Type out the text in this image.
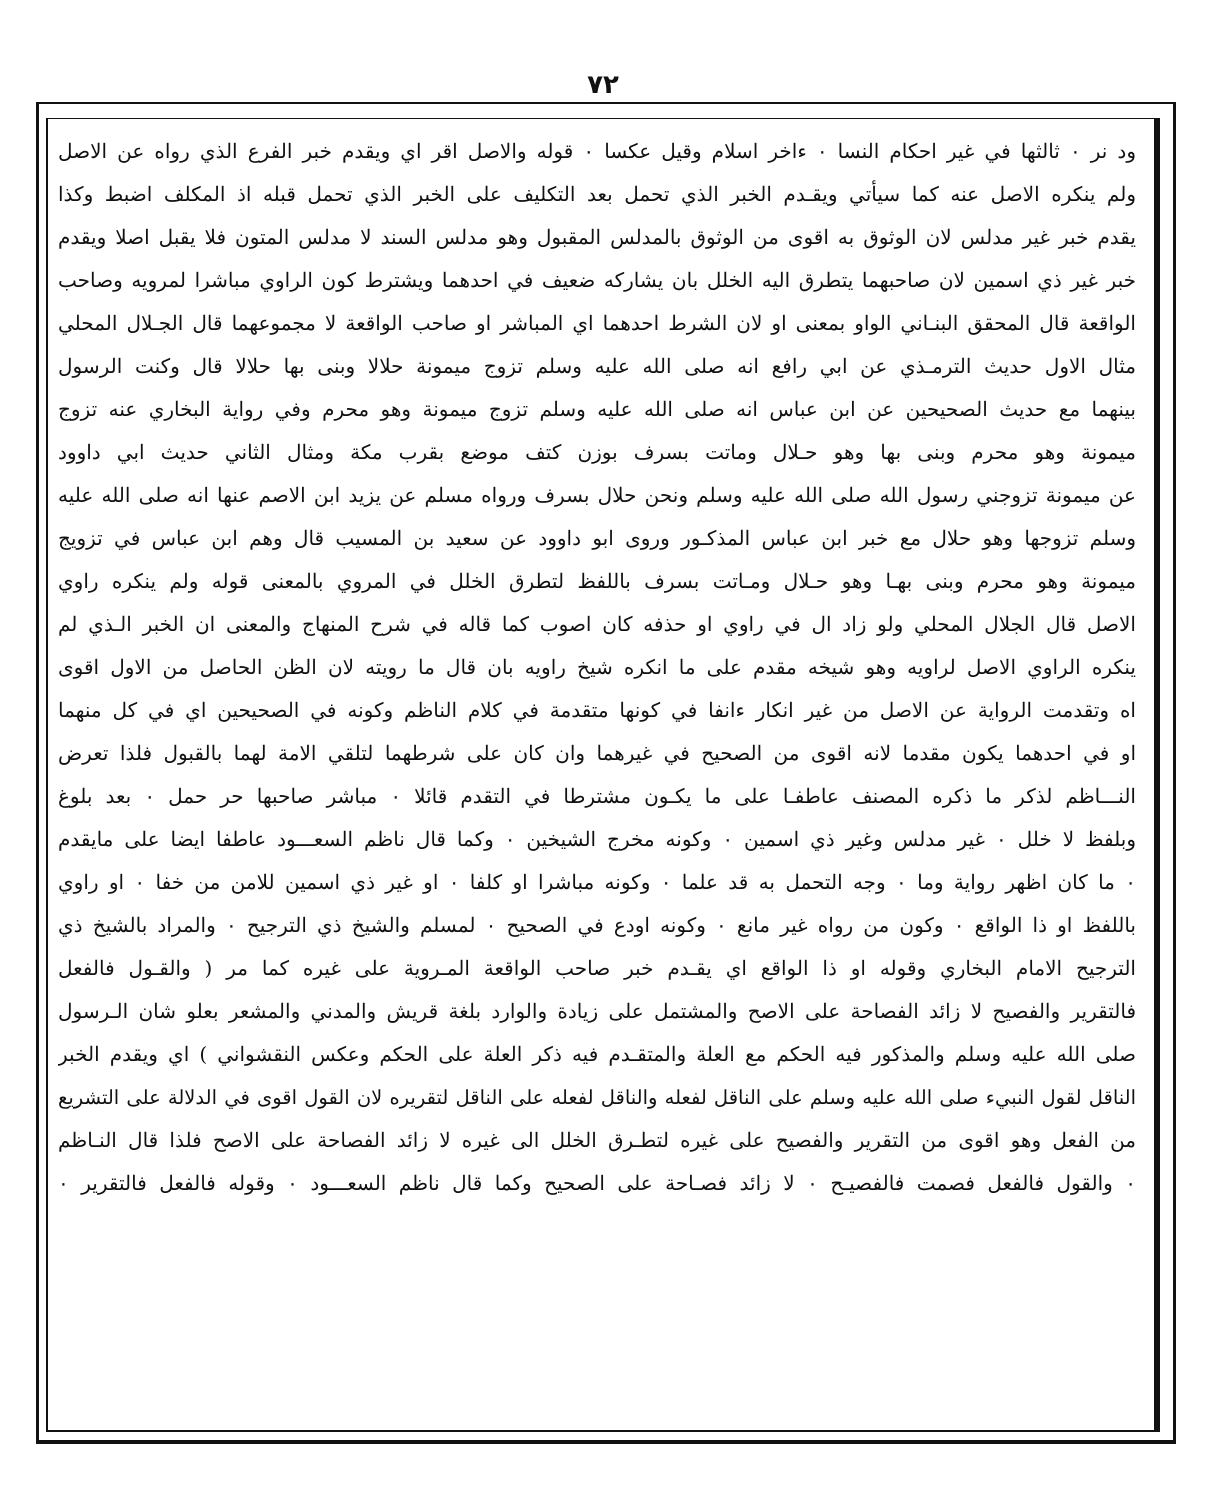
٧٢
ود نر ٠ ثالثها في غير احكام النسا ٠ ءاخر اسلام وقيل عكسا ٠ قوله والاصل اقر اي ويقدم خبر الفرع الذي رواه عن الاصل
ولم ينكره الاصل عنه كما سيأتي ويقـدم الخبر الذي تحمل بعد التكليف على الخبر الذي تحمل قبله اذ المكلف اضبط وكذا
يقدم خبر غير مدلس لان الوثوق به اقوى من الوثوق بالمدلس المقبول وهو مدلس السند لا مدلس المتون فلا يقبل اصلا ويقدم
خبر غير ذي اسمين لان صاحبهما يتطرق اليه الخلل بان يشاركه ضعيف في احدهما ويشترط كون الراوي مباشرا لمرويه وصاحب
الواقعة قال المحقق البنـاني الواو بمعنى او لان الشرط احدهما اي المباشر او صاحب الواقعة لا مجموعهما قال الجـلال المحلي
مثال الاول حديث الترمـذي عن ابي رافع انه صلى الله عليه وسلم تزوج ميمونة حلالا وبنى بها حلالا قال وكنت الرسول
بينهما مع حديث الصحيحين عن ابن عباس انه صلى الله عليه وسلم تزوج ميمونة وهو محرم وفي رواية البخاري عنه تزوج
ميمونة وهو محرم وبنى بها وهو حـلال وماتت بسرف بوزن كتف موضع بقرب مكة ومثال الثاني حديث ابي داوود
عن ميمونة تزوجني رسول الله صلى الله عليه وسلم ونحن حلال بسرف ورواه مسلم عن يزيد ابن الاصم عنها انه صلى الله عليه
وسلم تزوجها وهو حلال مع خبر ابن عباس المذكـور وروى ابو داوود عن سعيد بن المسيب قال وهم ابن عباس في تزويج
ميمونة وهو محرم وبنى بهـا وهو حـلال ومـاتت بسرف باللفظ لتطرق الخلل في المروي بالمعنى قوله ولم ينكره راوي
الاصل قال الجلال المحلي ولو زاد ال في راوي او حذفه كان اصوب كما قاله في شرح المنهاج والمعنى ان الخبر الـذي لم
ينكره الراوي الاصل لراويه وهو شيخه مقدم على ما انكره شيخ راويه بان قال ما رويته لان الظن الحاصل من الاول اقوى
اه وتقدمت الرواية عن الاصل من غير انكار ءانفا في كونها متقدمة في كلام الناظم وكونه في الصحيحين اي في كل منهما
او في احدهما يكون مقدما لانه اقوى من الصحيح في غيرهما وان كان على شرطهما لتلقي الامة لهما بالقبول فلذا تعرض
النـــاظم لذكر ما ذكره المصنف عاطفـا على ما يكـون مشترطا في التقدم قائلا ٠ مباشر صاحبها حر حمل ٠ بعد بلوغ
وبلفظ لا خلل ٠ غير مدلس وغير ذي اسمين ٠ وكونه مخرج الشيخين ٠ وكما قال ناظم السعـــود عاطفا ايضا على مايقدم
٠ ما كان اظهر رواية وما ٠ وجه التحمل به قد علما ٠ وكونه مباشرا او كلفا ٠ او غير ذي اسمين للامن من خفا ٠ او راوي
باللفظ او ذا الواقع ٠ وكون من رواه غير مانع ٠ وكونه اودع في الصحيح ٠ لمسلم والشيخ ذي الترجيح ٠ والمراد بالشيخ ذي
الترجيح الامام البخاري وقوله او ذا الواقع اي يقـدم خبر صاحب الواقعة المـروية على غيره كما مر ( والقـول فالفعل
فالتقرير والفصيح لا زائد الفصاحة على الاصح والمشتمل على زيادة والوارد بلغة قريش والمدني والمشعر بعلو شان الـرسول
صلى الله عليه وسلم والمذكور فيه الحكم مع العلة والمتقـدم فيه ذكر العلة على الحكم وعكس النقشواني ) اي ويقدم الخبر
الناقل لقول النبيء صلى الله عليه وسلم على الناقل لفعله والناقل لفعله على الناقل لتقريره لان القول اقوى في الدلالة على التشريع
من الفعل وهو اقوى من التقرير والفصيح على غيره لتطـرق الخلل الى غيره لا زائد الفصاحة على الاصح فلذا قال النـاظم
٠ والقول فالفعل فصمت فالفصيـح ٠ لا زائد فصـاحة على الصحيح وكما قال ناظم السعـــود ٠ وقوله فالفعل فالتقرير ٠
